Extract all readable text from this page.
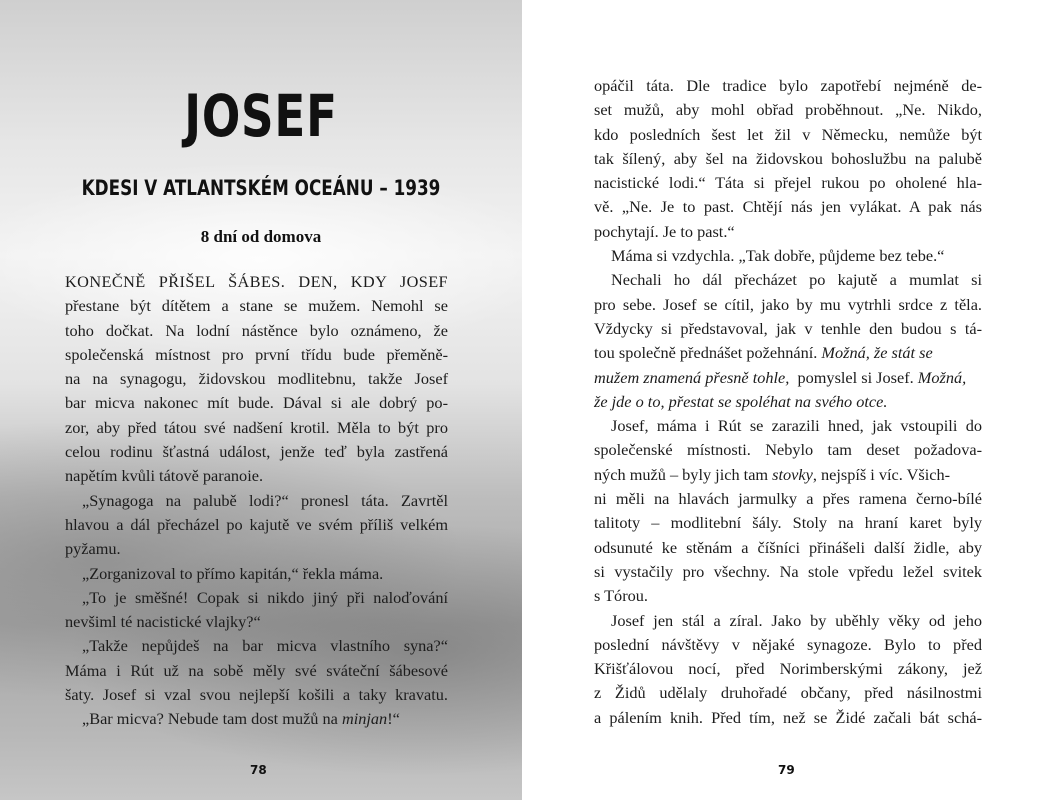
JOSEF
KDESI V ATLANTSKÉM OCEÁNU – 1939
8 dní od domova
KONEČNĚ PŘIŠEL ŠÁBES. DEN, KDY JOSEF
přestane být dítětem a stane se mužem. Nemohl se
toho dočkat. Na lodní nástěnce bylo oznámeno, že
společenská místnost pro první třídu bude přeměně-
na na synagogu, židovskou modlitebnu, takže Josef
bar micva nakonec mít bude. Dával si ale dobrý po-
zor, aby před tátou své nadšení krotil. Měla to být pro
celou rodinu šťastná událost, jenže teď byla zastřená
napětím kvůli tátově paranoie.
„Synagoga na palubě lodi?“ pronesl táta. Zavrtěl
hlavou a dál přecházel po kajutě ve svém příliš velkém
pyžamu.
„Zorganizoval to přímo kapitán,“ řekla máma.
„To je směšné! Copak si nikdo jiný při naloďování
nevšiml té nacistické vlajky?“
„Takže nepůjdeš na bar micva vlastního syna?“
Máma i Rút už na sobě měly své sváteční šábesové
šaty. Josef si vzal svou nejlepší košili a taky kravatu.
„Bar micva? Nebude tam dost mužů na minjan!“
78	79
opáčil táta. Dle tradice bylo zapotřebí nejméně de-
set mužů, aby mohl obřad proběhnout. „Ne. Nikdo,
kdo posledních šest let žil v Německu, nemůže být
tak šílený, aby šel na židovskou bohoslužbu na palubě
nacistické lodi.“ Táta si přejel rukou po oholené hla-
vě. „Ne. Je to past. Chtějí nás jen vylákat. A pak nás
pochytají. Je to past.“
Máma si vzdychla. „Tak dobře, půjdeme bez tebe.“
Nechali ho dál přecházet po kajutě a mumlat si
pro sebe. Josef se cítil, jako by mu vytrhli srdce z těla.
Vždycky si představoval, jak v tenhle den budou s tá-
tou společně přednášet požehnání. Možná, že stát se
mužem znamená přesně tohle, pomyslel si Josef. Možná,
že jde o to, přestat se spoléhat na svého otce.
Josef, máma i Rút se zarazili hned, jak vstoupili do
společenské místnosti. Nebylo tam deset požadova-
ných mužů – byly jich tam stovky, nejspíš i víc. Všich-
ni měli na hlavách jarmulky a přes ramena černo-bílé
talitoty – modlitební šály. Stoly na hraní karet byly
odsunuté ke stěnám a číšníci přinášeli další židle, aby
si vystačily pro všechny. Na stole vpředu ležel svitek
s Tórou.
Josef jen stál a zíral. Jako by uběhly věky od jeho
poslední návštěvy v nějaké synagoze. Bylo to před
Křišťálovou nocí, před Norimberskými zákony, jež
z Židů udělaly druhořadé občany, před násilnostmi
a pálením knih. Před tím, než se Židé začali bát schá-
